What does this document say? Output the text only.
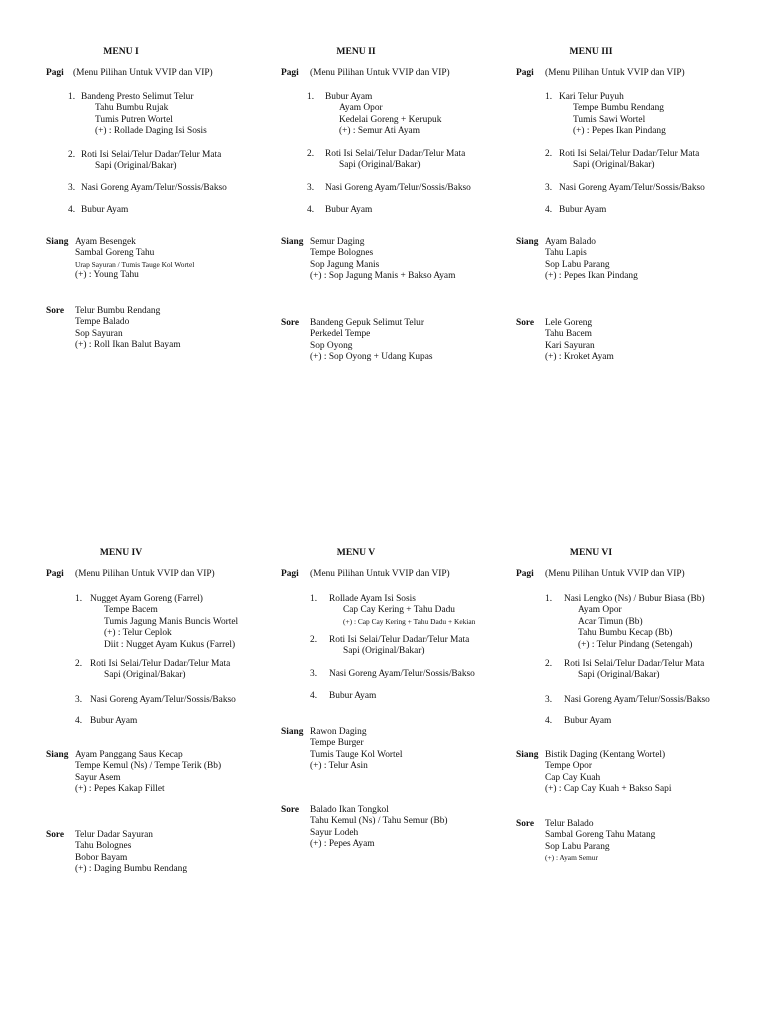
MENU I
Pagi (Menu Pilihan Untuk VVIP dan VIP)
1. Bandeng Presto Selimut Telur
Tahu Bumbu Rujak
Tumis Putren Wortel
(+) : Rollade Daging Isi Sosis
2. Roti Isi Selai/Telur Dadar/Telur Mata
Sapi (Original/Bakar)
3. Nasi Goreng Ayam/Telur/Sossis/Bakso
4. Bubur Ayam
Siang Ayam Besengek
Sambal Goreng Tahu
Urap Sayuran / Tumis Tauge Kol Wortel
(+) : Young Tahu
Sore Telur Bumbu Rendang
Tempe Balado
Sop Sayuran
(+) : Roll Ikan Balut Bayam
MENU II
Pagi (Menu Pilihan Untuk VVIP dan VIP)
1. Bubur Ayam
Ayam Opor
Kedelai Goreng + Kerupuk
(+) : Semur Ati Ayam
2. Roti Isi Selai/Telur Dadar/Telur Mata
Sapi (Original/Bakar)
3. Nasi Goreng Ayam/Telur/Sossis/Bakso
4. Bubur Ayam
Siang Semur Daging
Tempe Bolognes
Sop Jagung Manis
(+) : Sop Jagung Manis + Bakso Ayam
Sore Bandeng Gepuk Selimut Telur
Perkedel Tempe
Sop Oyong
(+) : Sop Oyong + Udang Kupas
MENU III
Pagi (Menu Pilihan Untuk VVIP dan VIP)
1. Kari Telur Puyuh
Tempe Bumbu Rendang
Tumis Sawi Wortel
(+) : Pepes Ikan Pindang
2. Roti Isi Selai/Telur Dadar/Telur Mata
Sapi (Original/Bakar)
3. Nasi Goreng Ayam/Telur/Sossis/Bakso
4. Bubur Ayam
Siang Ayam Balado
Tahu Lapis
Sop Labu Parang
(+) : Pepes Ikan Pindang
Sore Lele Goreng
Tahu Bacem
Kari Sayuran
(+) : Kroket Ayam
MENU IV
Pagi (Menu Pilihan Untuk VVIP dan VIP)
1. Nugget Ayam Goreng (Farrel)
Tempe Bacem
Tumis Jagung Manis Buncis Wortel
(+) : Telur Ceplok
Diit : Nugget Ayam Kukus (Farrel)
2. Roti Isi Selai/Telur Dadar/Telur Mata
Sapi (Original/Bakar)
3. Nasi Goreng Ayam/Telur/Sossis/Bakso
4. Bubur Ayam
Siang Ayam Panggang Saus Kecap
Tempe Kemul (Ns) / Tempe Terik (Bb)
Sayur Asem
(+) : Pepes Kakap Fillet
Sore Telur Dadar Sayuran
Tahu Bolognes
Bobor Bayam
(+) : Daging Bumbu Rendang
MENU V
Pagi (Menu Pilihan Untuk VVIP dan VIP)
1. Rollade Ayam Isi Sosis
Cap Cay Kering + Tahu Dadu
(+) : Cap Cay Kering + Tahu Dadu + Kekian
2. Roti Isi Selai/Telur Dadar/Telur Mata
Sapi (Original/Bakar)
3. Nasi Goreng Ayam/Telur/Sossis/Bakso
4. Bubur Ayam
Siang Rawon Daging
Tempe Burger
Tumis Tauge Kol Wortel
(+) : Telur Asin
Sore Balado Ikan Tongkol
Tahu Kemul (Ns) / Tahu Semur (Bb)
Sayur Lodeh
(+) : Pepes Ayam
MENU VI
Pagi (Menu Pilihan Untuk VVIP dan VIP)
1. Nasi Lengko (Ns) / Bubur Biasa (Bb)
Ayam Opor
Acar Timun (Bb)
Tahu Bumbu Kecap (Bb)
(+) : Telur Pindang (Setengah)
2. Roti Isi Selai/Telur Dadar/Telur Mata
Sapi (Original/Bakar)
3. Nasi Goreng Ayam/Telur/Sossis/Bakso
4. Bubur Ayam
Siang Bistik Daging (Kentang Wortel)
Tempe Opor
Cap Cay Kuah
(+) : Cap Cay Kuah + Bakso Sapi
Sore Telur Balado
Sambal Goreng Tahu Matang
Sop Labu Parang
(+) : Ayam Semur
